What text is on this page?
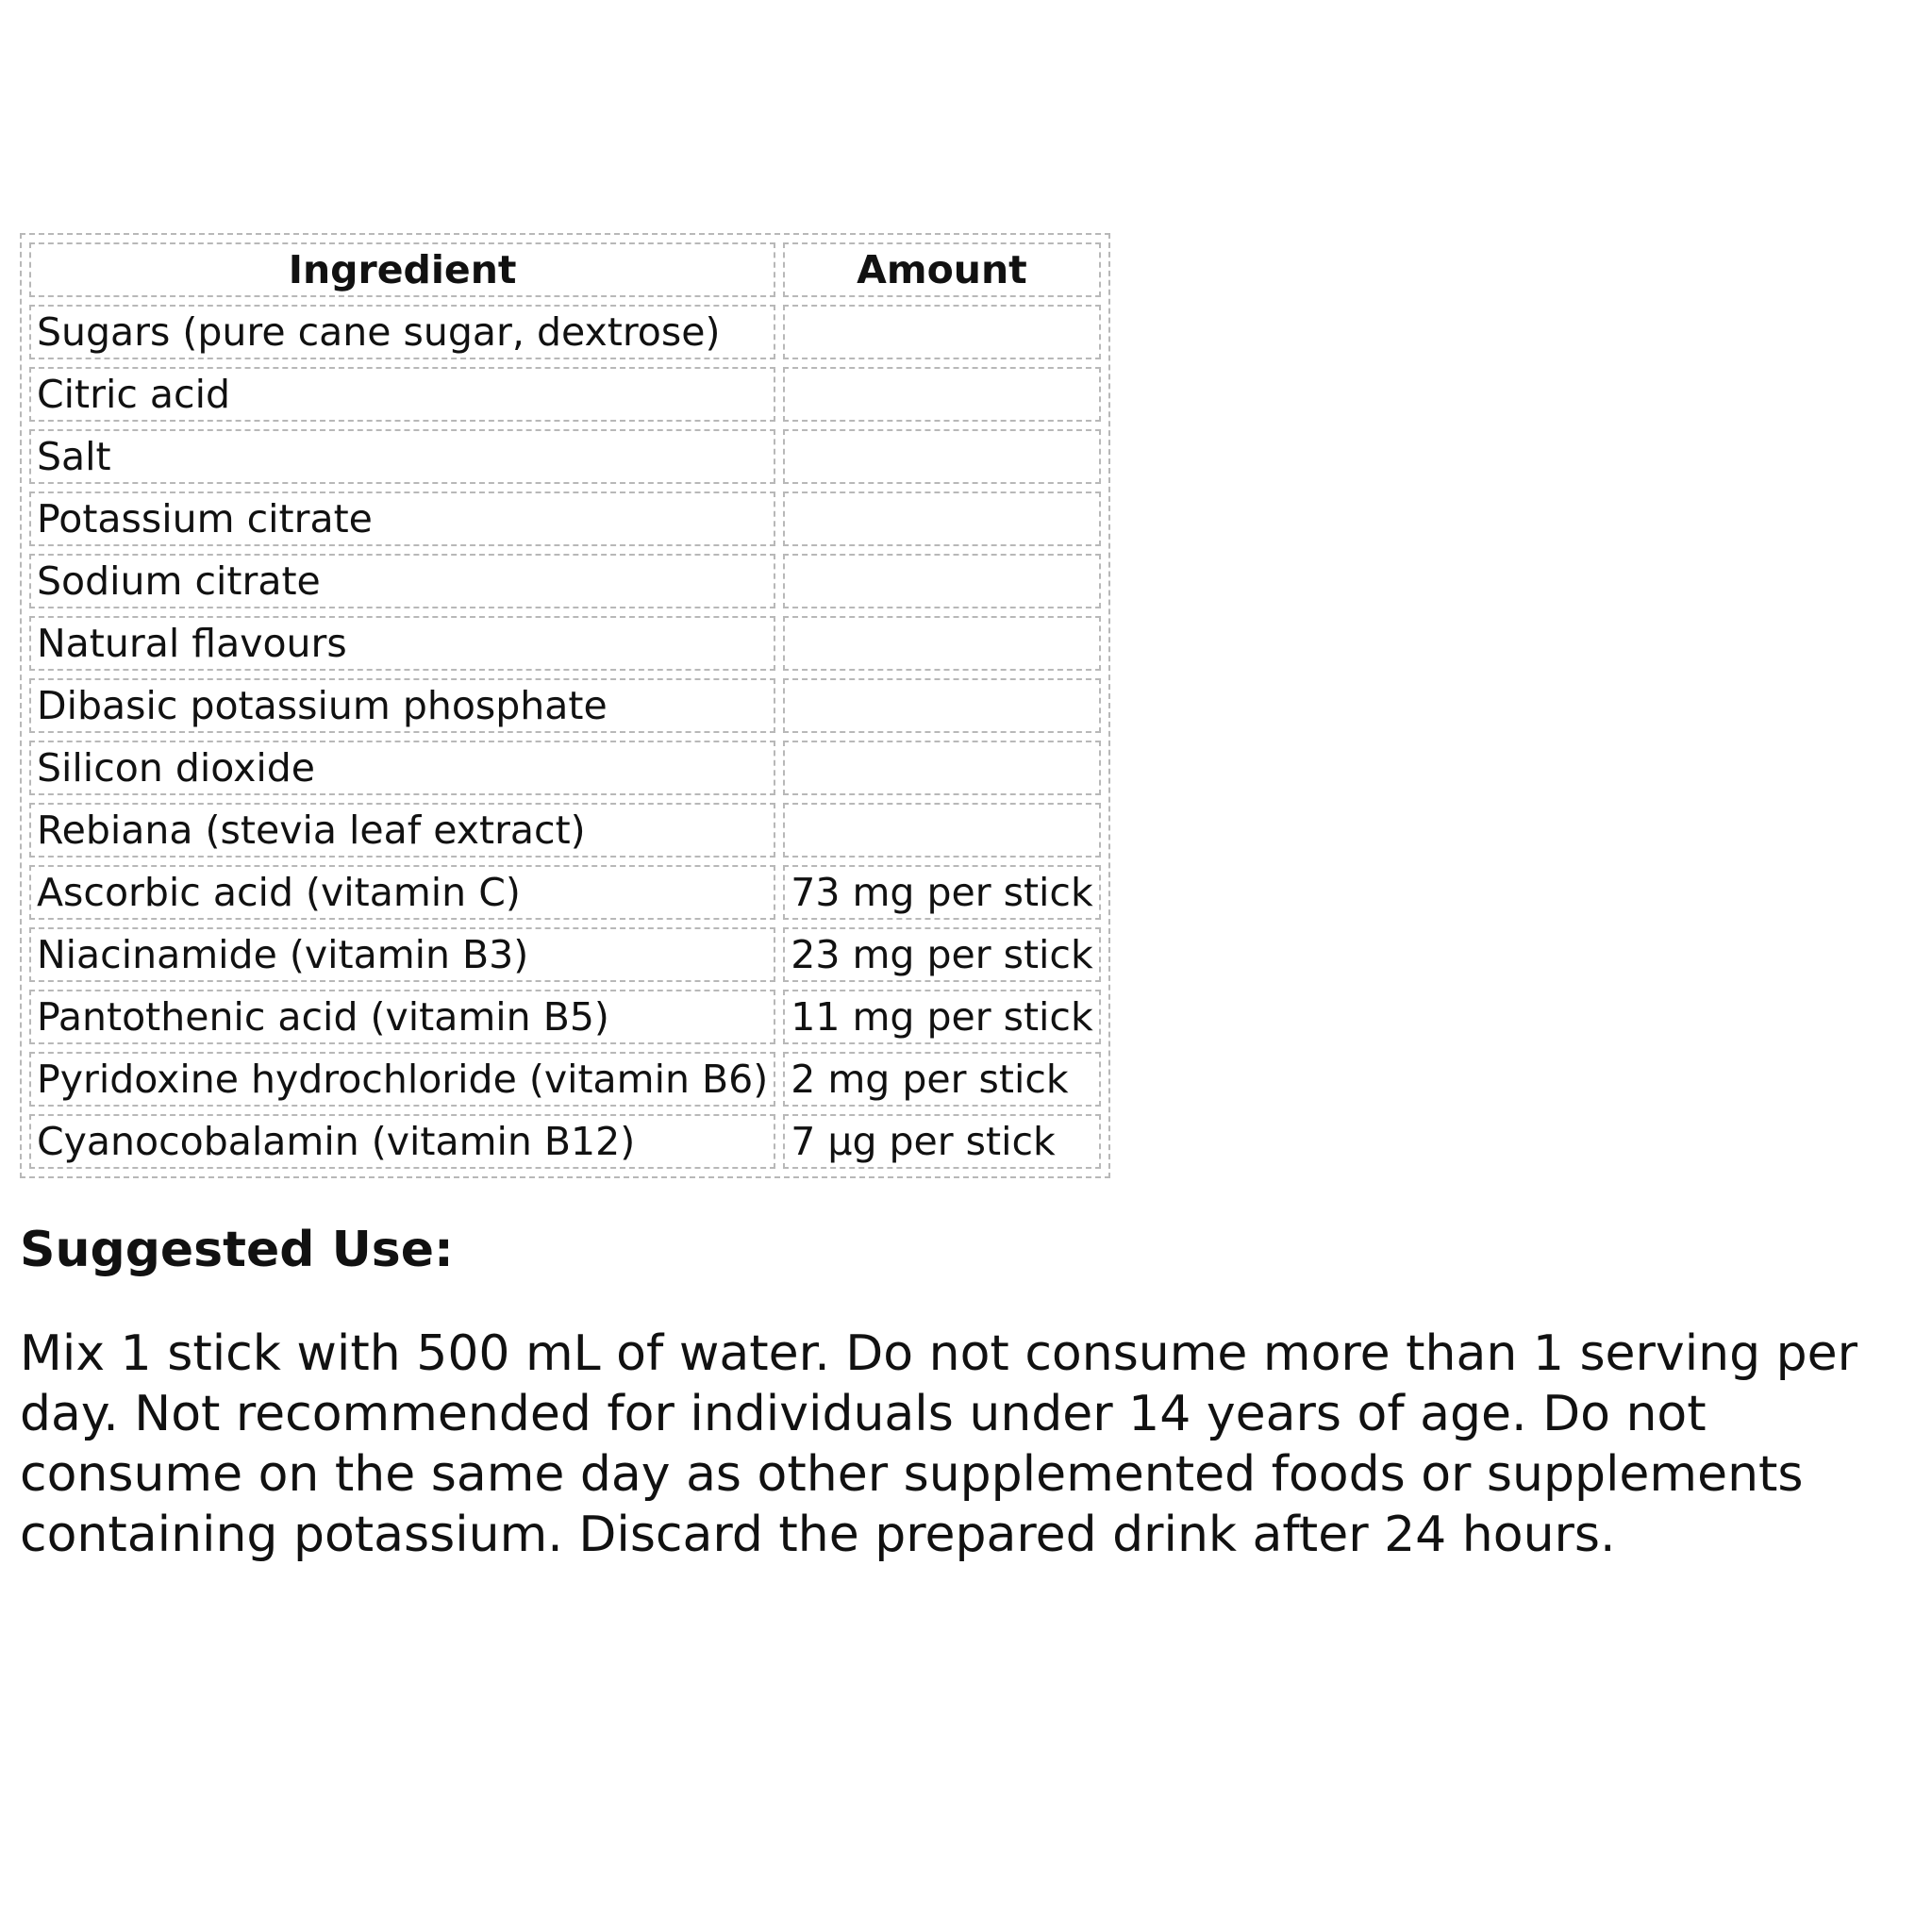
Ingredient	Amount
Sugars (pure cane sugar, dextrose)	
Citric acid	
Salt	
Potassium citrate	
Sodium citrate	
Natural flavours	
Dibasic potassium phosphate	
Silicon dioxide	
Rebiana (stevia leaf extract)	
Ascorbic acid (vitamin C)	73 mg per stick
Niacinamide (vitamin B3)	23 mg per stick
Pantothenic acid (vitamin B5)	11 mg per stick
Pyridoxine hydrochloride (vitamin B6)	2 mg per stick
Cyanocobalamin (vitamin B12)	7 µg per stick
Suggested Use:

Mix 1 stick with 500 mL of water. Do not consume more than 1 serving per day. Not recommended for individuals under 14 years of age. Do not consume on the same day as other supplemented foods or supplements containing potassium. Discard the prepared drink after 24 hours.
